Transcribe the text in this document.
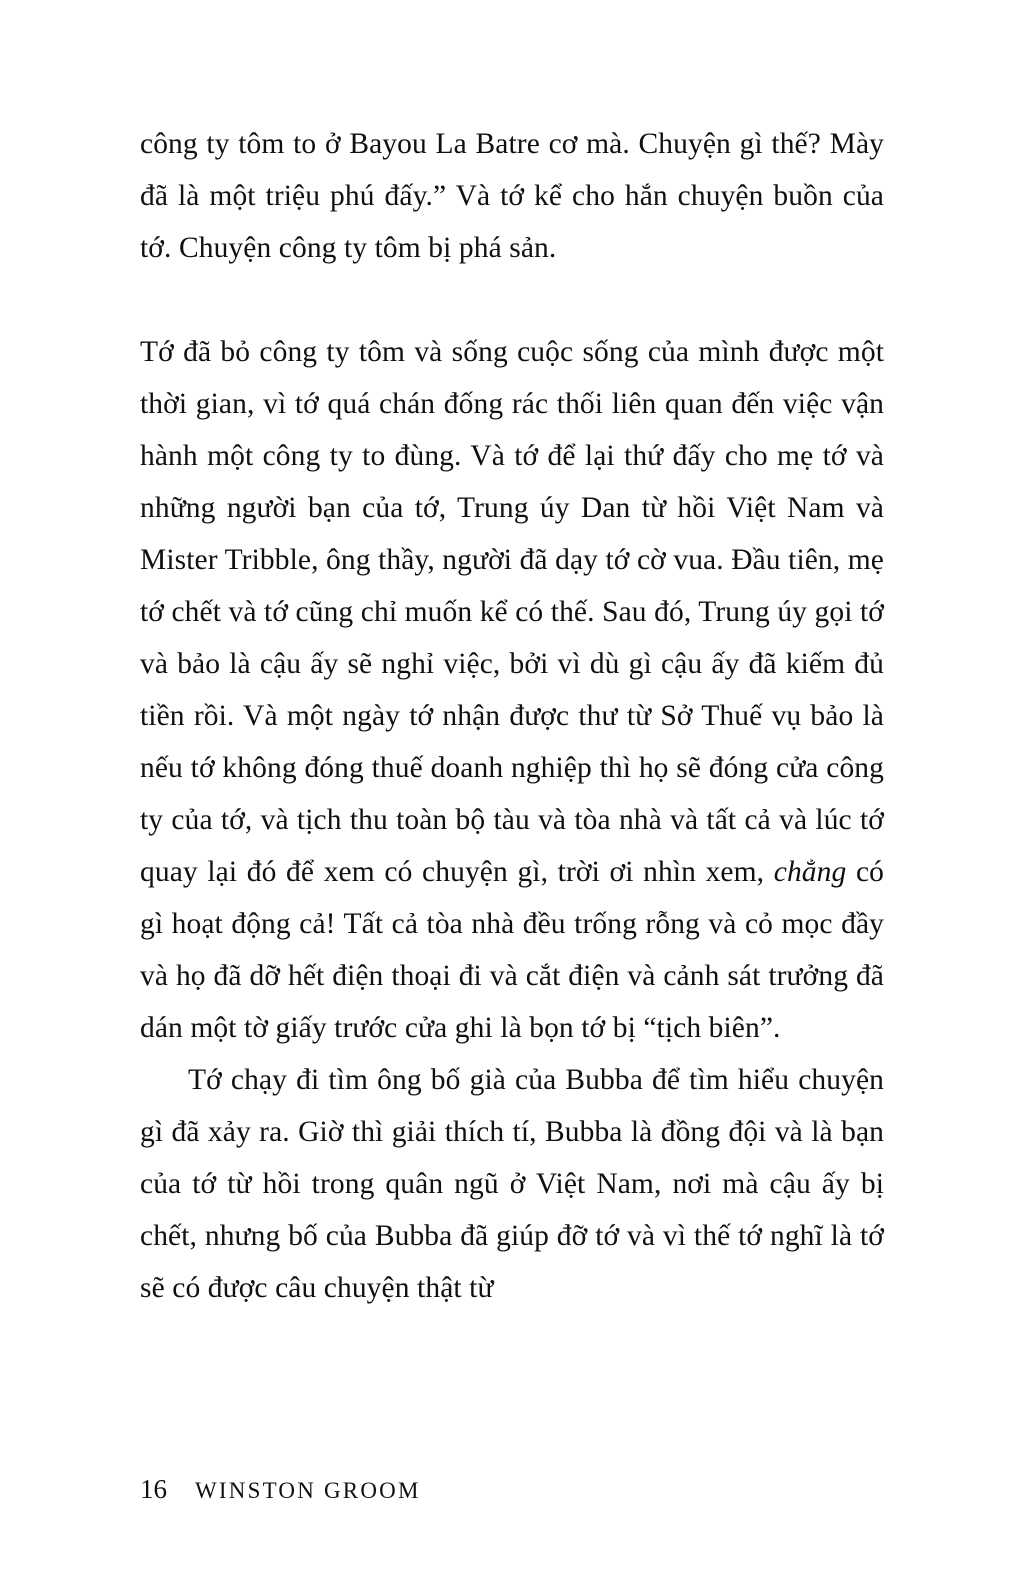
công ty tôm to ở Bayou La Batre cơ mà. Chuyện gì thế? Mày đã là một triệu phú đấy.” Và tớ kể cho hắn chuyện buồn của tớ. Chuyện công ty tôm bị phá sản.

Tớ đã bỏ công ty tôm và sống cuộc sống của mình được một thời gian, vì tớ quá chán đống rác thối liên quan đến việc vận hành một công ty to đùng. Và tớ để lại thứ đấy cho mẹ tớ và những người bạn của tớ, Trung úy Dan từ hồi Việt Nam và Mister Tribble, ông thầy, người đã dạy tớ cờ vua. Đầu tiên, mẹ tớ chết và tớ cũng chỉ muốn kể có thế. Sau đó, Trung úy gọi tớ và bảo là cậu ấy sẽ nghỉ việc, bởi vì dù gì cậu ấy đã kiếm đủ tiền rồi. Và một ngày tớ nhận được thư từ Sở Thuế vụ bảo là nếu tớ không đóng thuế doanh nghiệp thì họ sẽ đóng cửa công ty của tớ, và tịch thu toàn bộ tàu và tòa nhà và tất cả và lúc tớ quay lại đó để xem có chuyện gì, trời ơi nhìn xem, chẳng có gì hoạt động cả! Tất cả tòa nhà đều trống rỗng và cỏ mọc đầy và họ đã dỡ hết điện thoại đi và cắt điện và cảnh sát trưởng đã dán một tờ giấy trước cửa ghi là bọn tớ bị “tịch biên”.

Tớ chạy đi tìm ông bố già của Bubba để tìm hiểu chuyện gì đã xảy ra. Giờ thì giải thích tí, Bubba là đồng đội và là bạn của tớ từ hồi trong quân ngũ ở Việt Nam, nơi mà cậu ấy bị chết, nhưng bố của Bubba đã giúp đỡ tớ và vì thế tớ nghĩ là tớ sẽ có được câu chuyện thật từ

16 WINSTON GROOM
